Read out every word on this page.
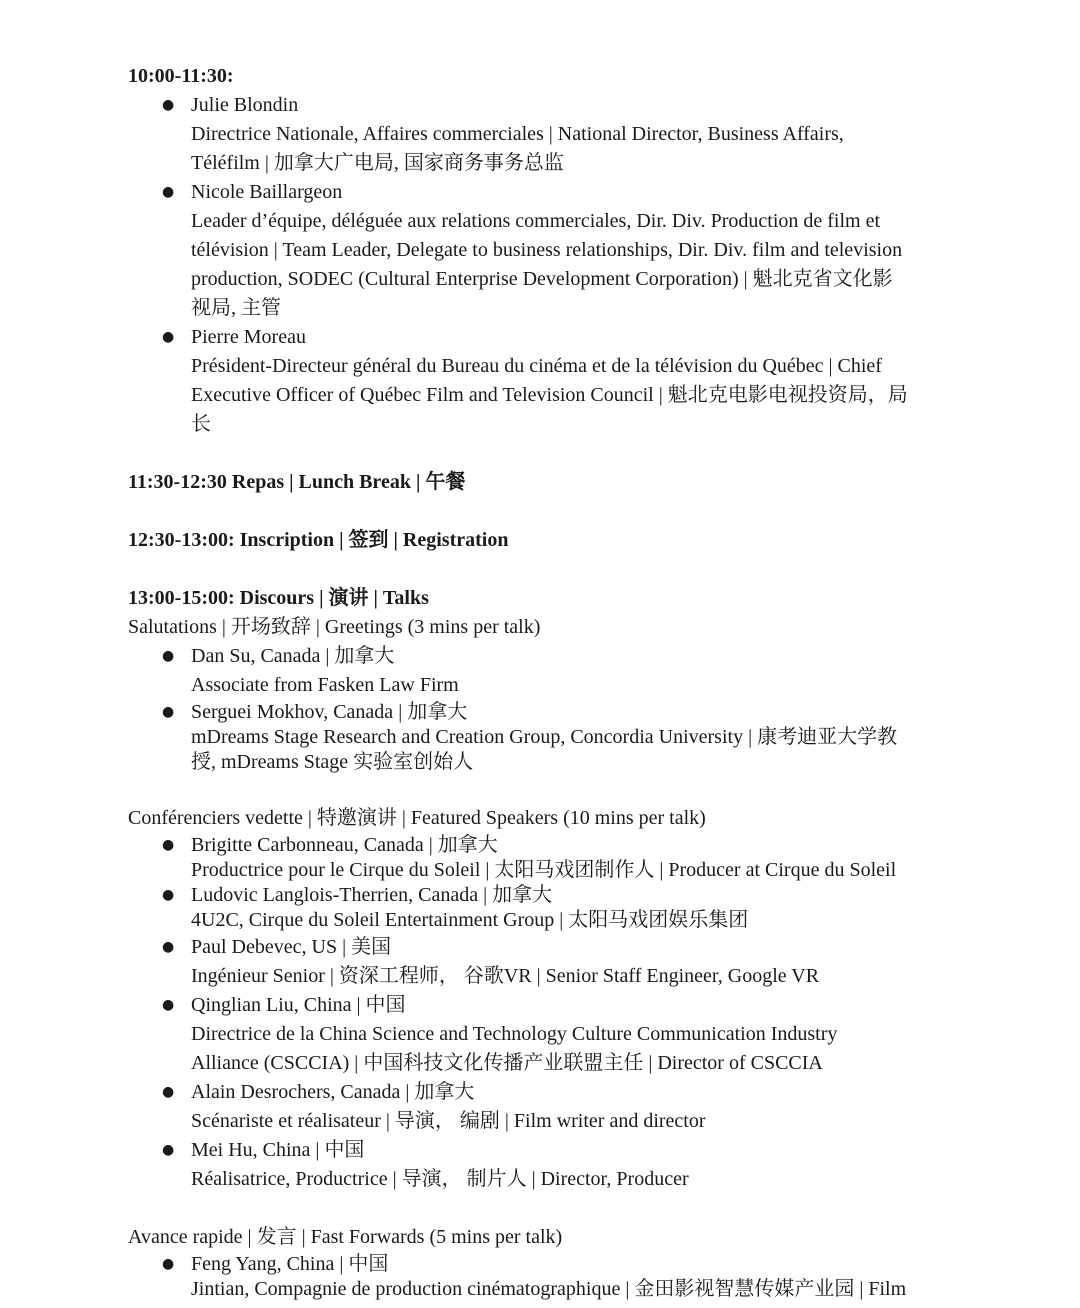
10:00-11:30:
● Julie Blondin
Directrice Nationale, Affaires commerciales | National Director, Business Affairs,
Téléfilm | 加拿大广电局, 国家商务事务总监
● Nicole Baillargeon
Leader d’équipe, déléguée aux relations commerciales, Dir. Div. Production de film et
télévision | Team Leader, Delegate to business relationships, Dir. Div. film and television
production, SODEC (Cultural Enterprise Development Corporation) | 魁北克省文化影
视局, 主管
● Pierre Moreau
Président-Directeur général du Bureau du cinéma et de la télévision du Québec | Chief
Executive Officer of Québec Film and Television Council | 魁北克电影电视投资局，局
长
11:30-12:30 Repas | Lunch Break | 午餐
12:30-13:00: Inscription | 签到 | Registration
13:00-15:00: Discours | 演讲 | Talks
Salutations | 开场致辞 | Greetings (3 mins per talk)
● Dan Su, Canada | 加拿大
Associate from Fasken Law Firm
● Serguei Mokhov, Canada | 加拿大
mDreams Stage Research and Creation Group, Concordia University | 康考迪亚大学教
授, mDreams Stage 实验室创始人
Conférenciers vedette | 特邀演讲 | Featured Speakers (10 mins per talk)
● Brigitte Carbonneau, Canada | 加拿大
Productrice pour le Cirque du Soleil | 太阳马戏团制作人 | Producer at Cirque du Soleil
● Ludovic Langlois-Therrien, Canada | 加拿大
4U2C, Cirque du Soleil Entertainment Group | 太阳马戏团娱乐集团
● Paul Debevec, US | 美国
Ingénieur Senior | 资深工程师， 谷歌VR | Senior Staff Engineer, Google VR
● Qinglian Liu, China | 中国
Directrice de la China Science and Technology Culture Communication Industry
Alliance (CSCCIA) | 中国科技文化传播产业联盟主任 | Director of CSCCIA
● Alain Desrochers, Canada | 加拿大
Scénariste et réalisateur | 导演， 编剧 | Film writer and director
● Mei Hu, China | 中国
Réalisatrice, Productrice | 导演， 制片人 | Director, Producer
Avance rapide | 发言 | Fast Forwards (5 mins per talk)
● Feng Yang, China | 中国
Jintian, Compagnie de production cinématographique | 金田影视智慧传媒产业园 | Film
